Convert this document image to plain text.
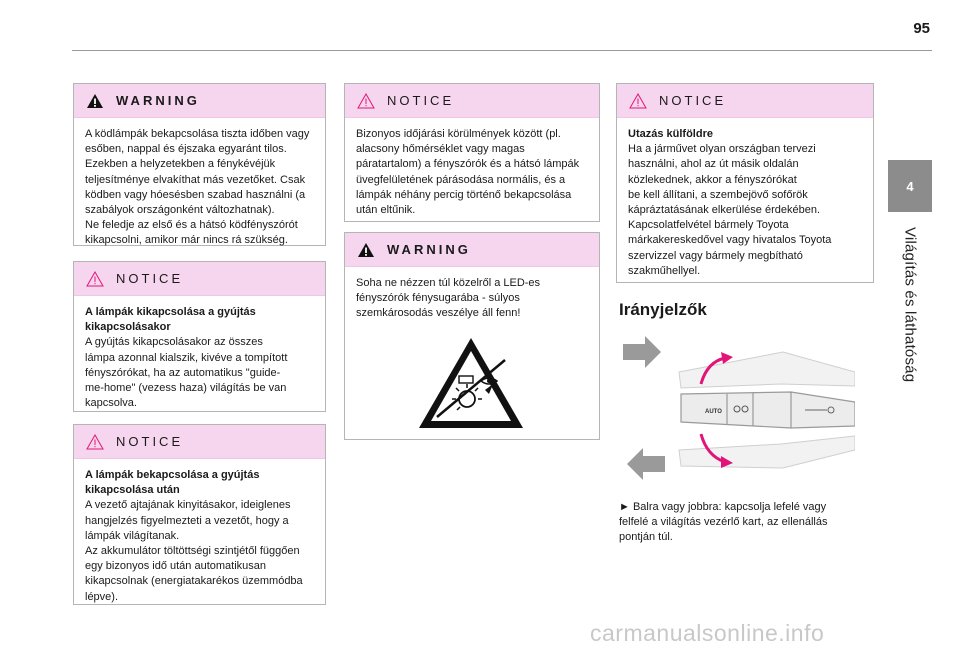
95
4
Világítás és láthatóság
WARNING

A ködlámpák bekapcsolása tiszta időben vagy

esőben, nappal és éjszaka egyaránt tilos.

Ezekben a helyzetekben a fénykévéjük

teljesítménye elvakíthat más vezetőket. Csak

ködben vagy hóesésben szabad használni (a

szabályok országonként változhatnak).

Ne feledje az első és a hátsó ködfényszórót

kikapcsolni, amikor már nincs rá szükség.

NOTICE

A lámpák kikapcsolása a gyújtás

kikapcsolásakor

A gyújtás kikapcsolásakor az összes

lámpa azonnal kialszik, kivéve a tompított

fényszórókat, ha az automatikus "guide-

me-home" (vezess haza) világítás be van

kapcsolva.

NOTICE

A lámpák bekapcsolása a gyújtás

kikapcsolása után

A vezető ajtajának kinyitásakor, ideiglenes

hangjelzés figyelmezteti a vezetőt, hogy a

lámpák világítanak.

Az akkumulátor töltöttségi szintjétől függően

egy bizonyos idő után automatikusan

kikapcsolnak (energiatakarékos üzemmódba

lépve).

NOTICE

Bizonyos időjárási körülmények között (pl.

alacsony hőmérséklet vagy magas

páratartalom) a fényszórók és a hátsó lámpák

üvegfelületének párásodása normális, és a

lámpák néhány percig történő bekapcsolása

után eltűnik.

WARNING

Soha ne nézzen túl közelről a LED-es

fényszórók fénysugarába - súlyos

szemkárosodás veszélye áll fenn!

NOTICE

Utazás külföldre

Ha a járművet olyan országban tervezi

használni, ahol az út másik oldalán

közlekednek, akkor a fényszórókat

be kell állítani, a szembejövő sofőrök

kápráztatásának elkerülése érdekében.

Kapcsolatfelvétel bármely Toyota

márkakereskedővel vagy hivatalos Toyota

szervizzel vagy bármely megbítható

szakműhellyel.

Irányjelzők
AUTO

► Balra vagy jobbra: kapcsolja lefelé vagy

felfelé a világítás vezérlő kart, az ellenállás

pontján túl.

carmanualsonline.info
